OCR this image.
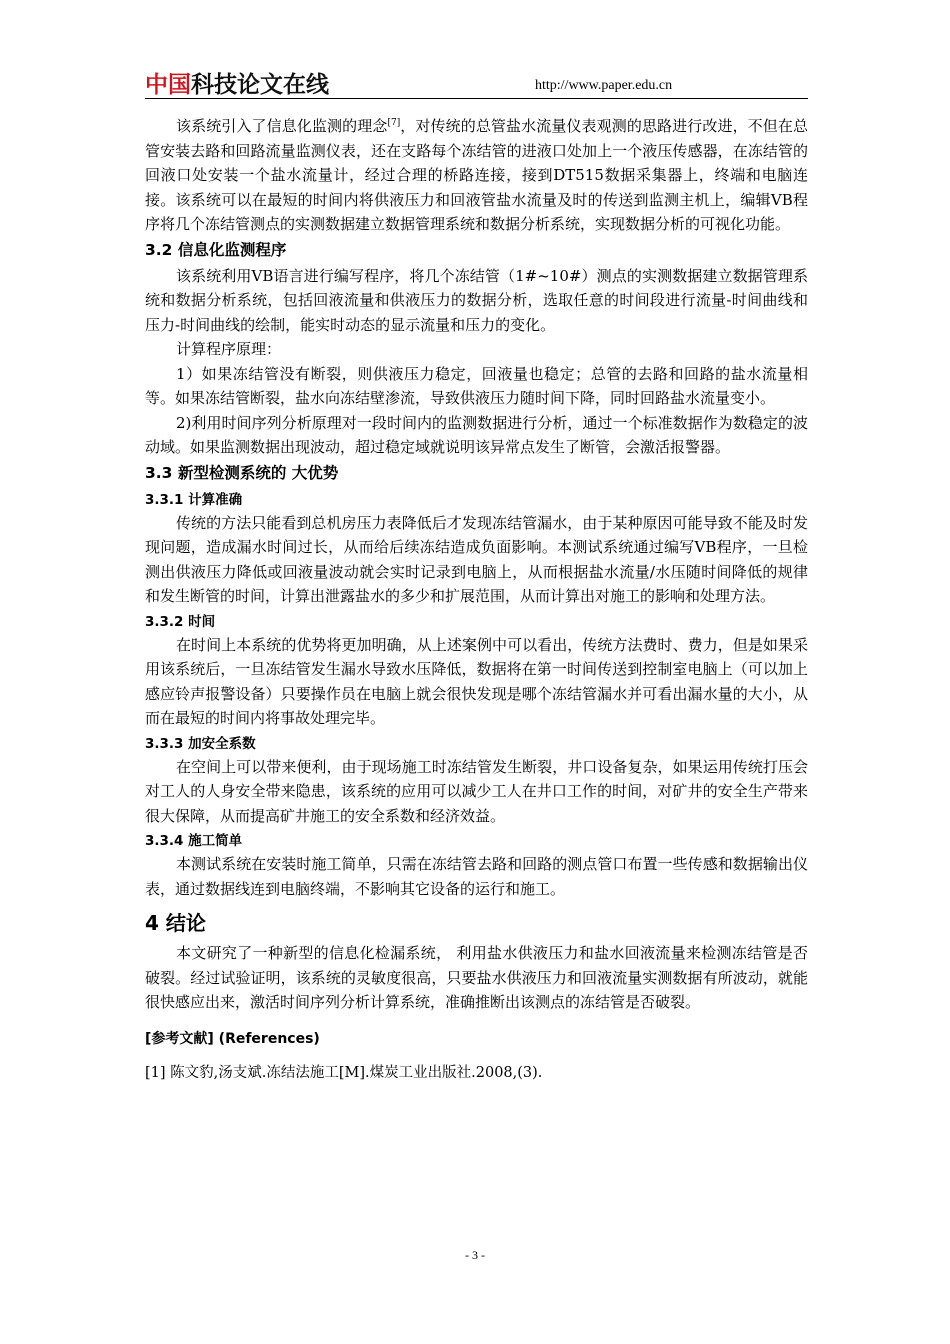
中国科技论文在线	http://www.paper.edu.cn

该系统引入了信息化监测的理念[7]，对传统的总管盐水流量仪表观测的思路进行改进，不但在总管安装去路和回路流量监测仪表，还在支路每个冻结管的进液口处加上一个液压传感器，在冻结管的回液口处安装一个盐水流量计，经过合理的桥路连接，接到DT515数据采集器上，终端和电脑连接。该系统可以在最短的时间内将供液压力和回液管盐水流量及时的传送到监测主机上，编辑VB程序将几个冻结管测点的实测数据建立数据管理系统和数据分析系统，实现数据分析的可视化功能。

3.2 信息化监测程序

该系统利用VB语言进行编写程序，将几个冻结管（1#~10#）测点的实测数据建立数据管理系统和数据分析系统，包括回液流量和供液压力的数据分析，选取任意的时间段进行流量-时间曲线和压力-时间曲线的绘制，能实时动态的显示流量和压力的变化。

计算程序原理：

1）如果冻结管没有断裂，则供液压力稳定，回液量也稳定；总管的去路和回路的盐水流量相等。如果冻结管断裂，盐水向冻结壁渗流，导致供液压力随时间下降，同时回路盐水流量变小。

2)利用时间序列分析原理对一段时间内的监测数据进行分析，通过一个标准数据作为数稳定的波动域。如果监测数据出现波动，超过稳定域就说明该异常点发生了断管，会激活报警器。

3.3 新型检测系统的 大优势
3.3.1 计算准确

传统的方法只能看到总机房压力表降低后才发现冻结管漏水，由于某种原因可能导致不能及时发现问题，造成漏水时间过长，从而给后续冻结造成负面影响。本测试系统通过编写VB程序，一旦检测出供液压力降低或回液量波动就会实时记录到电脑上，从而根据盐水流量/水压随时间降低的规律和发生断管的时间，计算出泄露盐水的多少和扩展范围，从而计算出对施工的影响和处理方法。

3.3.2 时间

在时间上本系统的优势将更加明确，从上述案例中可以看出，传统方法费时、费力，但是如果采用该系统后，一旦冻结管发生漏水导致水压降低，数据将在第一时间传送到控制室电脑上（可以加上感应铃声报警设备）只要操作员在电脑上就会很快发现是哪个冻结管漏水并可看出漏水量的大小，从而在最短的时间内将事故处理完毕。

3.3.3 加安全系数

在空间上可以带来便利，由于现场施工时冻结管发生断裂，井口设备复杂，如果运用传统打压会对工人的人身安全带来隐患，该系统的应用可以减少工人在井口工作的时间，对矿井的安全生产带来很大保障，从而提高矿井施工的安全系数和经济效益。

3.3.4 施工简单

本测试系统在安装时施工简单，只需在冻结管去路和回路的测点管口布置一些传感和数据输出仪表，通过数据线连到电脑终端，不影响其它设备的运行和施工。

4 结论

本文研究了一种新型的信息化检漏系统， 利用盐水供液压力和盐水回液流量来检测冻结管是否破裂。经过试验证明，该系统的灵敏度很高，只要盐水供液压力和回液流量实测数据有所波动，就能很快感应出来，激活时间序列分析计算系统，准确推断出该测点的冻结管是否破裂。

[参考文献] (References)
[1] 陈文豹,汤支斌.冻结法施工[M].煤炭工业出版社.2008,(3).
- 3 -
